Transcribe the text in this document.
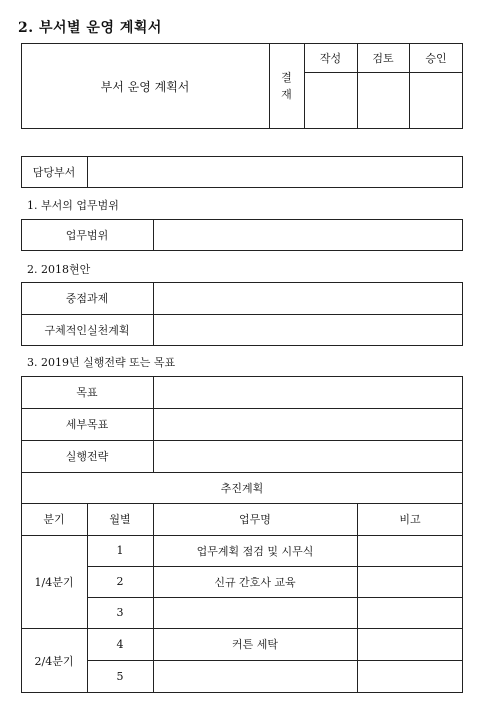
2. 부서별 운영 계획서
부서 운영 계획서
결
재
작성	검토	승인
담당부서
1. 부서의 업무범위
업무범위
2. 2018현안
중점과제
구체적인실천계획
3. 2019년 실행전략 또는 목표
목표
세부목표
실행전략
추진계획
분기	월별	업무명	비고
1/4분기
1	업무계획 점검 및 시무식
2	신규 간호사 교육
3
2/4분기
4	커튼 세탁
5
